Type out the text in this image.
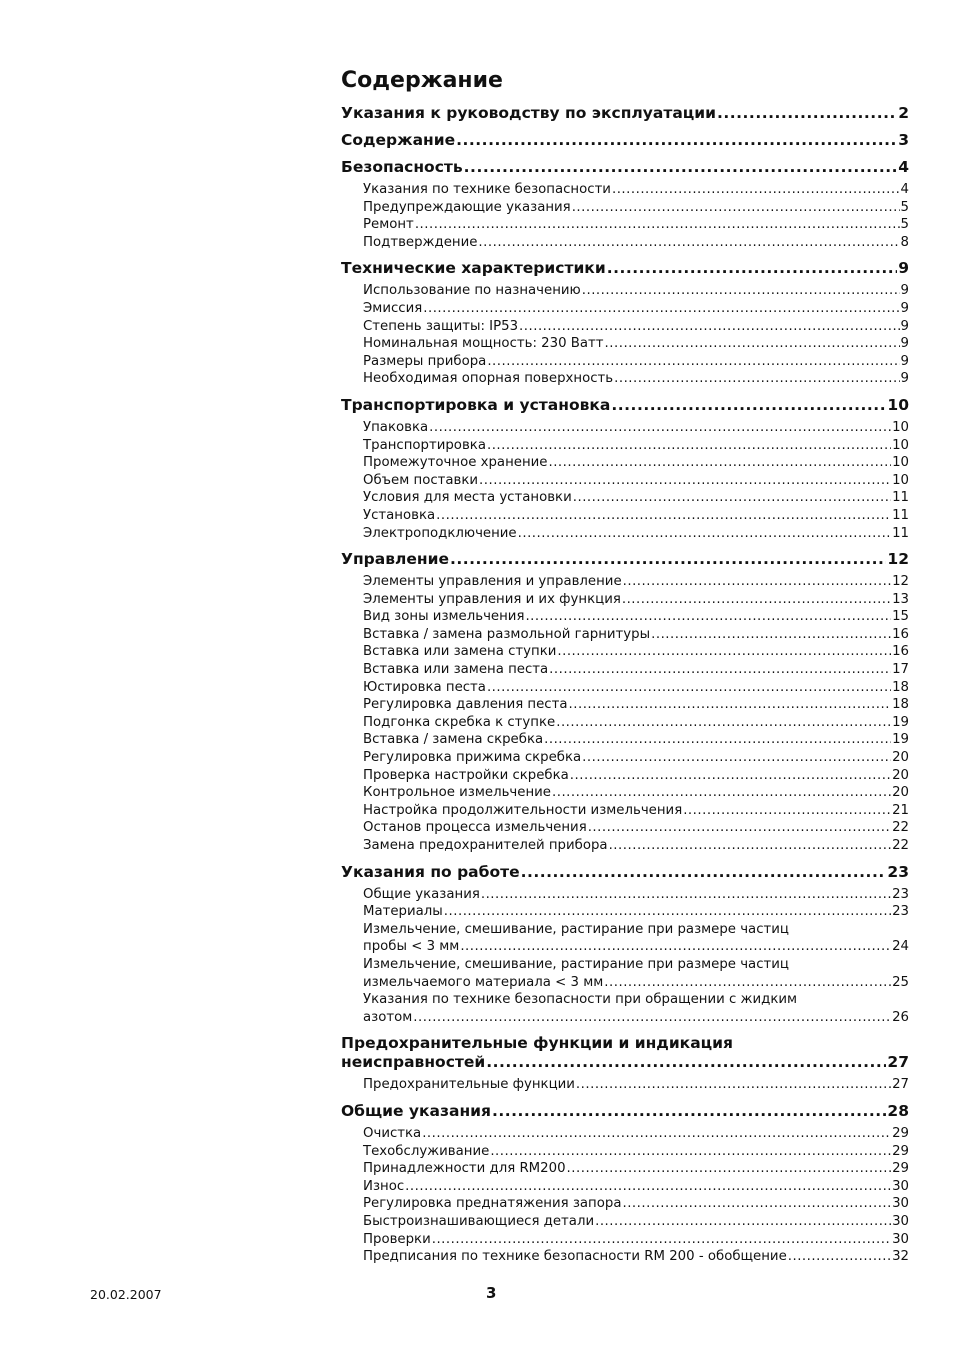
Содержание
Указания к руководству по эксплуатации .....	2
Содержание .....	3
Безопасность .....	4
Указания по технике безопасности .....	4
Предупреждающие указания .....	5
Ремонт .....	5
Подтверждение .....	8
Технические характеристики .....	9
Использование по назначению .....	9
Эмиссия .....	9
Степень защиты: IP53 .....	9
Номинальная мощность: 230 Ватт .....	9
Размеры прибора .....	9
Необходимая опорная поверхность .....	9
Транспортировка и установка .....	10
Упаковка .....	10
Транспортировка .....	10
Промежуточное хранение .....	10
Объем поставки .....	10
Условия для места установки .....	11
Установка .....	11
Электроподключение .....	11
Управление .....	12
Элементы управления и управление .....	12
Элементы управления и их функция .....	13
Вид зоны измельчения .....	15
Вставка / замена размольной гарнитуры .....	16
Вставка или замена ступки .....	16
Вставка или замена песта .....	17
Юстировка песта .....	18
Регулировка давления песта .....	18
Подгонка скребка к ступке .....	19
Вставка / замена скребка .....	19
Регулировка прижима скребка .....	20
Проверка настройки скребка .....	20
Контрольное измельчение .....	20
Настройка продолжительности измельчения .....	21
Останов процесса измельчения .....	22
Замена предохранителей прибора .....	22
Указания по работе .....	23
Общие указания .....	23
Материалы .....	23
Измельчение, смешивание, растирание при размере частиц
пробы < 3 мм .....	24
Измельчение, смешивание, растирание при размере частиц
измельчаемого материала < 3 мм .....	25
Указания по технике безопасности при обращении с жидким
азотом .....	26
Предохранительные функции и индикация
неисправностей .....	27
Предохранительные функции .....	27
Общие указания .....	28
Очистка .....	29
Техобслуживание .....	29
Принадлежности для RM200 .....	29
Износ .....	30
Регулировка преднатяжения запора .....	30
Быстроизнашивающиеся детали .....	30
Проверки .....	30
Предписания по технике безопасности RM 200 - обобщение .....	32
20.02.2007	3
